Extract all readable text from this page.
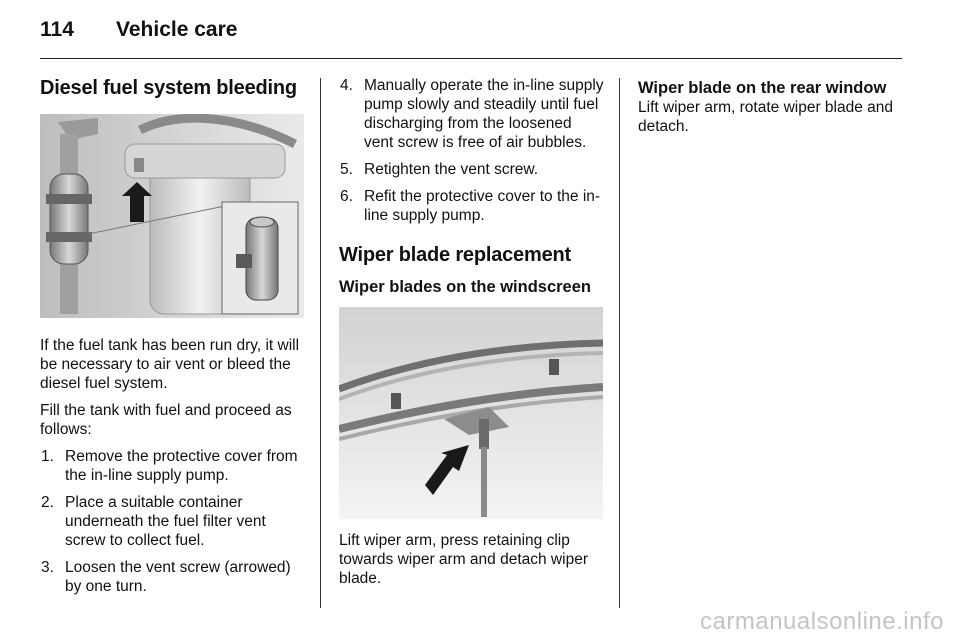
114 Vehicle care
Diesel fuel system bleeding

If the fuel tank has been run dry, it will be necessary to air vent or bleed the diesel fuel system.

Fill the tank with fuel and proceed as follows:

1. Remove the protective cover from the in-line supply pump.
2. Place a suitable container underneath the fuel filter vent screw to collect fuel.
3. Loosen the vent screw (arrowed) by one turn.
4. Manually operate the in-line supply pump slowly and steadily until fuel discharging from the loosened vent screw is free of air bubbles.
5. Retighten the vent screw.
6. Refit the protective cover to the in-line supply pump.
Wiper blade replacement
Wiper blades on the windscreen

Lift wiper arm, press retaining clip towards wiper arm and detach wiper blade.

Wiper blade on the rear window

Lift wiper arm, rotate wiper blade and detach.

carmanualsonline.info
